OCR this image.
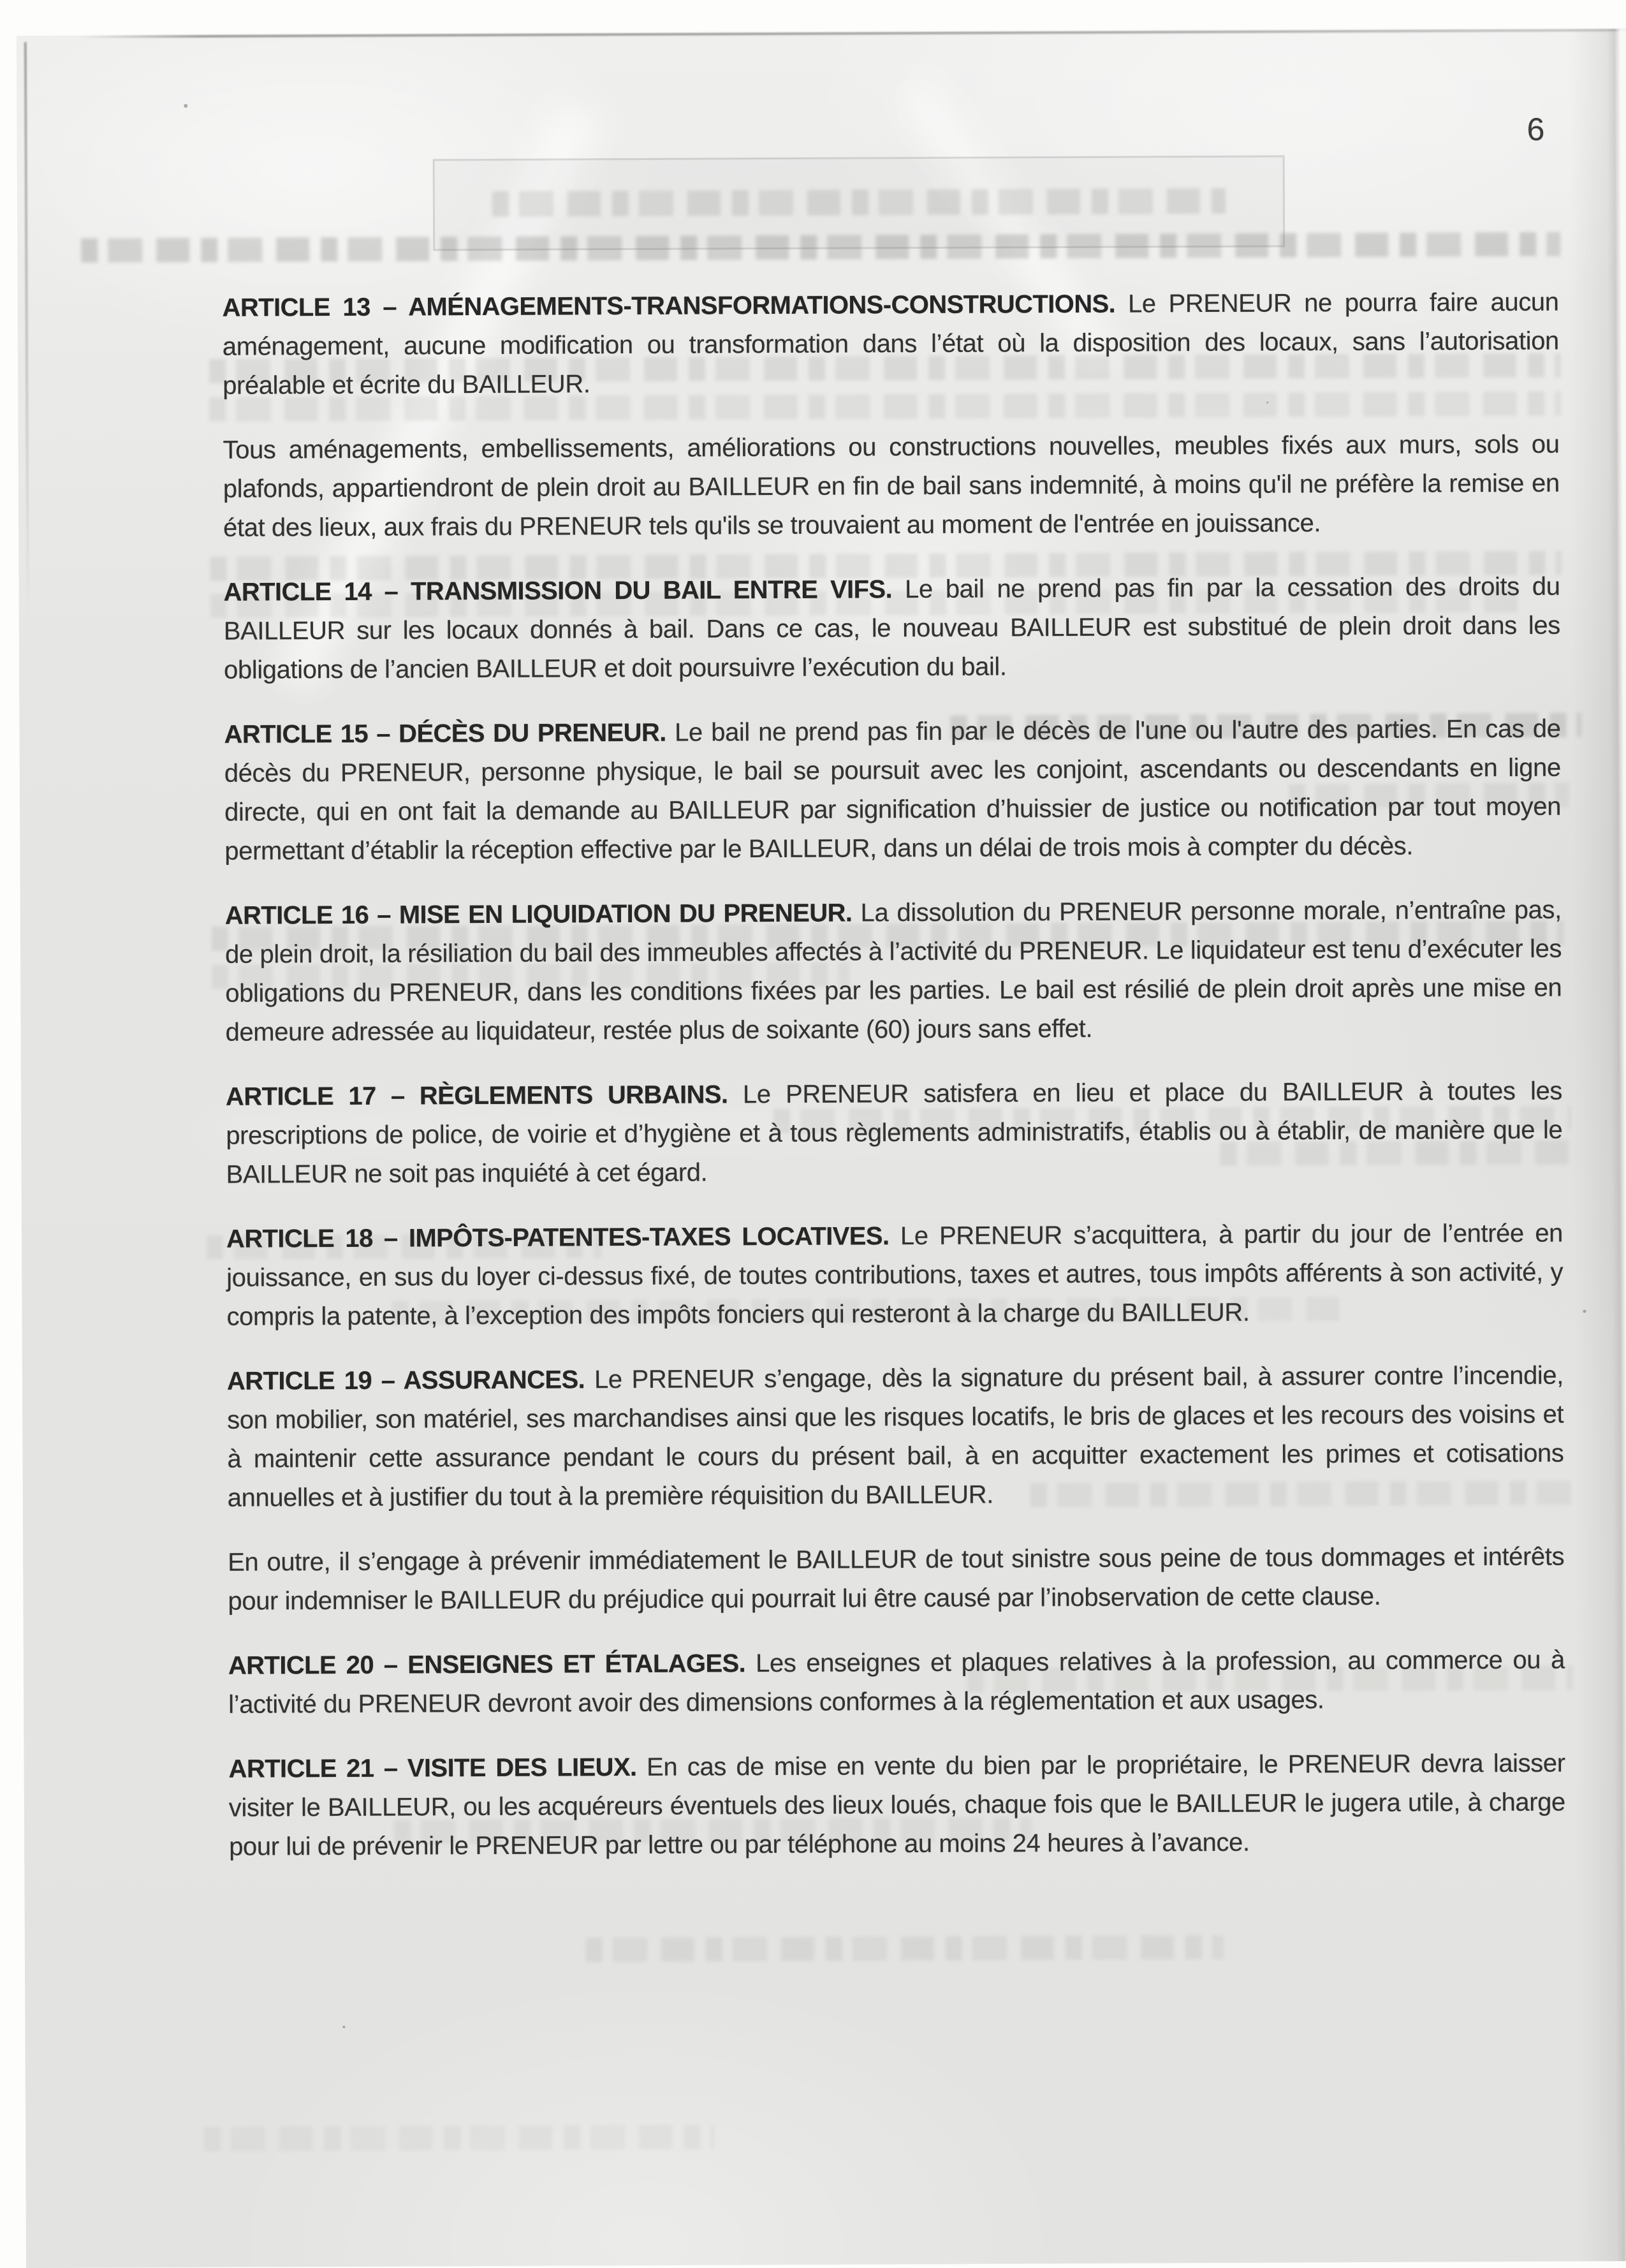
6

ARTICLE 13 – AMÉNAGEMENTS-TRANSFORMATIONS-CONSTRUCTIONS. Le PRENEUR ne pourra faire aucun aménagement, aucune modification ou transformation dans l’état où la disposition des locaux, sans l’autorisation préalable et écrite du BAILLEUR.

Tous aménagements, embellissements, améliorations ou constructions nouvelles, meubles fixés aux murs, sols ou plafonds, appartiendront de plein droit au BAILLEUR en fin de bail sans indemnité, à moins qu'il ne préfère la remise en état des lieux, aux frais du PRENEUR tels qu'ils se trouvaient au moment de l'entrée en jouissance.

ARTICLE 14 – TRANSMISSION DU BAIL ENTRE VIFS. Le bail ne prend pas fin par la cessation des droits du BAILLEUR sur les locaux donnés à bail. Dans ce cas, le nouveau BAILLEUR est substitué de plein droit dans les obligations de l’ancien BAILLEUR et doit poursuivre l’exécution du bail.

ARTICLE 15 – DÉCÈS DU PRENEUR. Le bail ne prend pas fin par le décès de l'une ou l'autre des parties. En cas de décès du PRENEUR, personne physique, le bail se poursuit avec les conjoint, ascendants ou descendants en ligne directe, qui en ont fait la demande au BAILLEUR par signification d’huissier de justice ou notification par tout moyen permettant d’établir la réception effective par le BAILLEUR, dans un délai de trois mois à compter du décès.

ARTICLE 16 – MISE EN LIQUIDATION DU PRENEUR. La dissolution du PRENEUR personne morale, n’entraîne pas, de plein droit, la résiliation du bail des immeubles affectés à l’activité du PRENEUR. Le liquidateur est tenu d’exécuter les obligations du PRENEUR, dans les conditions fixées par les parties. Le bail est résilié de plein droit après une mise en demeure adressée au liquidateur, restée plus de soixante (60) jours sans effet.

ARTICLE 17 – RÈGLEMENTS URBAINS. Le PRENEUR satisfera en lieu et place du BAILLEUR à toutes les prescriptions de police, de voirie et d’hygiène et à tous règlements administratifs, établis ou à établir, de manière que le BAILLEUR ne soit pas inquiété à cet égard.

ARTICLE 18 – IMPÔTS-PATENTES-TAXES LOCATIVES. Le PRENEUR s’acquittera, à partir du jour de l’entrée en jouissance, en sus du loyer ci-dessus fixé, de toutes contributions, taxes et autres, tous impôts afférents à son activité, y compris la patente, à l’exception des impôts fonciers qui resteront à la charge du BAILLEUR.

ARTICLE 19 – ASSURANCES. Le PRENEUR s’engage, dès la signature du présent bail, à assurer contre l’incendie, son mobilier, son matériel, ses marchandises ainsi que les risques locatifs, le bris de glaces et les recours des voisins et à maintenir cette assurance pendant le cours du présent bail, à en acquitter exactement les primes et cotisations annuelles et à justifier du tout à la première réquisition du BAILLEUR.

En outre, il s’engage à prévenir immédiatement le BAILLEUR de tout sinistre sous peine de tous dommages et intérêts pour indemniser le BAILLEUR du préjudice qui pourrait lui être causé par l’inobservation de cette clause.

ARTICLE 20 – ENSEIGNES ET ÉTALAGES. Les enseignes et plaques relatives à la profession, au commerce ou à l’activité du PRENEUR devront avoir des dimensions conformes à la réglementation et aux usages.

ARTICLE 21 – VISITE DES LIEUX. En cas de mise en vente du bien par le propriétaire, le PRENEUR devra laisser visiter le BAILLEUR, ou les acquéreurs éventuels des lieux loués, chaque fois que le BAILLEUR le jugera utile, à charge pour lui de prévenir le PRENEUR par lettre ou par téléphone au moins 24 heures à l’avance.
